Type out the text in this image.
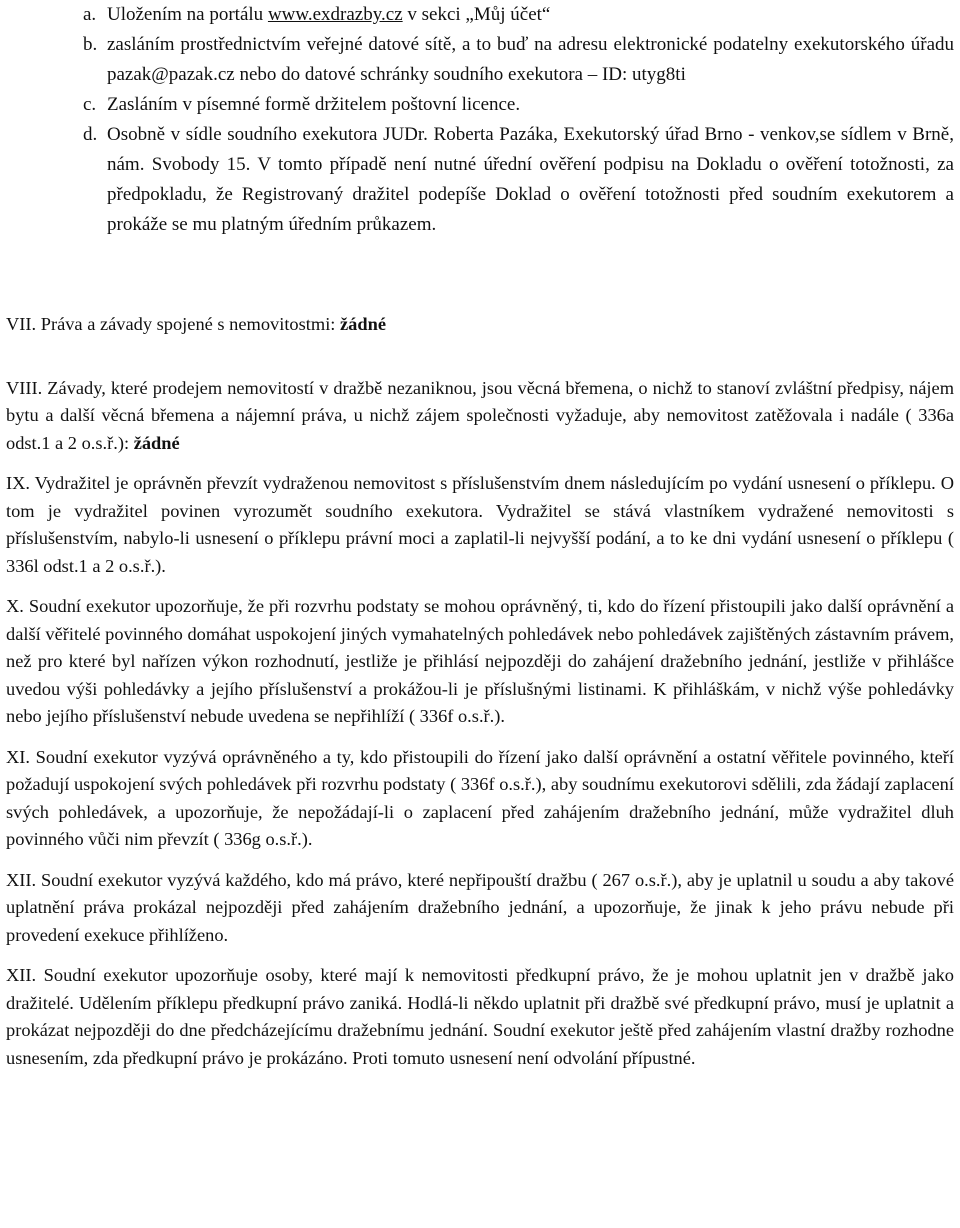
a. Uložením na portálu www.exdrazby.cz v sekci „Můj účet“
b. zasláním prostřednictvím veřejné datové sítě, a to buď na adresu elektronické podatelny exekutorského úřadu pazak@pazak.cz nebo do datové schránky soudního exekutora – ID: utyg8ti
c. Zasláním v písemné formě držitelem poštovní licence.
d. Osobně v sídle soudního exekutora JUDr. Roberta Pazáka, Exekutorský úřad Brno - venkov,se sídlem v Brně, nám. Svobody 15. V tomto případě není nutné úřední ověření podpisu na Dokladu o ověření totožnosti, za předpokladu, že Registrovaný dražitel podepíše Doklad o ověření totožnosti před soudním exekutorem a prokáže se mu platným úředním průkazem.

VII. Práva a závady spojené s nemovitostmi: žádné

VIII. Závady, které prodejem nemovitostí v dražbě nezaniknou, jsou věcná břemena, o nichž to stanoví zvláštní předpisy, nájem bytu a další věcná břemena a nájemní práva, u nichž zájem společnosti vyžaduje, aby nemovitost zatěžovala i nadále ( 336a odst.1 a 2 o.s.ř.): žádné

IX. Vydražitel je oprávněn převzít vydraženou nemovitost s příslušenstvím dnem následujícím po vydání usnesení o příklepu. O tom je vydražitel povinen vyrozumět soudního exekutora. Vydražitel se stává vlastníkem vydražené nemovitosti s příslušenstvím, nabylo-li usnesení o příklepu právní moci a zaplatil-li nejvyšší podání, a to ke dni vydání usnesení o příklepu ( 336l odst.1 a 2 o.s.ř.).

X. Soudní exekutor upozorňuje, že při rozvrhu podstaty se mohou oprávněný, ti, kdo do řízení přistoupili jako další oprávnění a další věřitelé povinného domáhat uspokojení jiných vymahatelných pohledávek nebo pohledávek zajištěných zástavním právem, než pro které byl nařízen výkon rozhodnutí, jestliže je přihlásí nejpozději do zahájení dražebního jednání, jestliže v přihlášce uvedou výši pohledávky a jejího příslušenství a prokážou-li je příslušnými listinami. K přihláškám, v nichž výše pohledávky nebo jejího příslušenství nebude uvedena se nepřihlíží ( 336f o.s.ř.).

XI. Soudní exekutor vyzývá oprávněného a ty, kdo přistoupili do řízení jako další oprávnění a ostatní věřitele povinného, kteří požadují uspokojení svých pohledávek při rozvrhu podstaty ( 336f o.s.ř.), aby soudnímu exekutorovi sdělili, zda žádají zaplacení svých pohledávek, a upozorňuje, že nepožádají-li o zaplacení před zahájením dražebního jednání, může vydražitel dluh povinného vůči nim převzít ( 336g o.s.ř.).

XII. Soudní exekutor vyzývá každého, kdo má právo, které nepřipouští dražbu ( 267 o.s.ř.), aby je uplatnil u soudu a aby takové uplatnění práva prokázal nejpozději před zahájením dražebního jednání, a upozorňuje, že jinak k jeho právu nebude při provedení exekuce přihlíženo.

XII. Soudní exekutor upozorňuje osoby, které mají k nemovitosti předkupní právo, že je mohou uplatnit jen v dražbě jako dražitelé. Udělením příklepu předkupní právo zaniká. Hodlá-li někdo uplatnit při dražbě své předkupní právo, musí je uplatnit a prokázat nejpozději do dne předcházejícímu dražebnímu jednání. Soudní exekutor ještě před zahájením vlastní dražby rozhodne usnesením, zda předkupní právo je prokázáno. Proti tomuto usnesení není odvolání přípustné.
